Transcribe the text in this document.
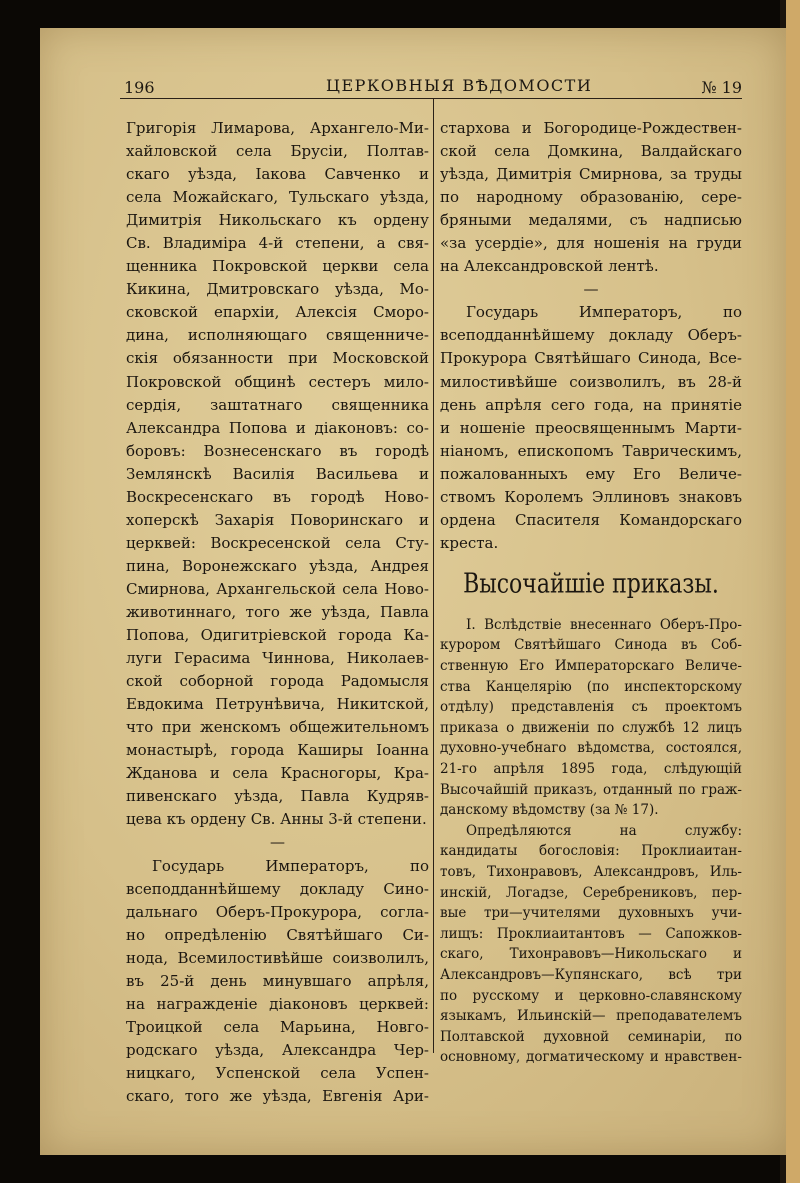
196	ЦЕРКОВНЫЯ ВѢДОМОСТИ	№ 19
Григорія Лимарова, Архангело-Ми-
хайловской села Брусіи, Полтав-
скаго уѣзда, Іакова Савченко и
села Можайскаго, Тульскаго уѣзда,
Димитрія Никольскаго къ ордену
Св. Владиміра 4-й степени, а свя-
щенника Покровской церкви села
Кикина, Дмитровскаго уѣзда, Мо-
сковской епархіи, Алексія Сморо-
дина, исполняющаго священниче-
скія обязанности при Московской
Покровской общинѣ сестеръ мило-
сердія, заштатнаго священника
Александра Попова и діаконовъ: со-
боровъ: Вознесенскаго въ городѣ
Землянскѣ Василія Васильева и
Воскресенскаго въ городѣ Ново-
хоперскѣ Захарія Поворинскаго и
церквей: Воскресенской села Сту-
пина, Воронежскаго уѣзда, Андрея
Смирнова, Архангельской села Ново-
животиннаго, того же уѣзда, Павла
Попова, Одигитріевской города Ка-
луги Герасима Чиннова, Николаев-
ской соборной города Радомысля
Евдокима Петрунѣвича, Никитской,
что при женскомъ общежительномъ
монастырѣ, города Каширы Іоанна
Жданова и села Красногоры, Кра-
пивенскаго уѣзда, Павла Кудряв-
цева къ ордену Св. Анны 3-й степени.
—
Государь Императоръ, по
всеподданнѣйшему докладу Сино-
дальнаго Оберъ-Прокурора, согла-
но опредѣленію Святѣйшаго Си-
нода, Всемилостивѣйше соизволилъ,
въ 25-й день минувшаго апрѣля,
на награжденіе діаконовъ церквей:
Троицкой села Марьина, Новго-
родскаго уѣзда, Александра Чер-
ницкаго, Успенской села Успен-
скаго, того же уѣзда, Евгенія Ари-
стархова и Богородице-Рождествен-
ской села Домкина, Валдайскаго
уѣзда, Димитрія Смирнова, за труды
по народному образованію, сере-
бряными медалями, съ надписью
«за усердіе», для ношенія на груди
на Александровской лентѣ.
—
Государь Императоръ, по
всеподданнѣйшему докладу Оберъ-
Прокурора Святѣйшаго Синода, Все-
милостивѣйше соизволилъ, въ 28-й
день апрѣля сего года, на принятіе
и ношеніе преосвященнымъ Марти-
ніаномъ, епископомъ Таврическимъ,
пожалованныхъ ему Его Величе-
ствомъ Королемъ Эллиновъ знаковъ
ордена Спасителя Командорскаго
креста.
Высочайшіе приказы.
I. Вслѣдствіе внесеннаго Оберъ-Про-
курором Святѣйшаго Синода въ Соб-
ственную Его Императорскаго Величе-
ства Канцелярію (по инспекторскому
отдѣлу) представленія съ проектомъ
приказа о движеніи по службѣ 12 лицъ
духовно-учебнаго вѣдомства, состоялся,
21-го апрѣля 1895 года, слѣдующій
Высочайшій приказъ, отданный по граж-
данскому вѣдомству (за № 17).
Опредѣляются на службу:
кандидаты богословія: Проклиаитан-
товъ, Тихонравовъ, Александровъ, Иль-
инскій, Логадзе, Серебрениковъ, пер-
вые три—учителями духовныхъ учи-
лищъ: Проклиаитантовъ — Сапожков-
скаго, Тихонравовъ—Никольскаго и
Александровъ—Купянскаго, всѣ три
по русскому и церковно-славянскому
языкамъ, Ильинскій— преподавателемъ
Полтавской духовной семинаріи, по
основному, догматическому и нравствен-
